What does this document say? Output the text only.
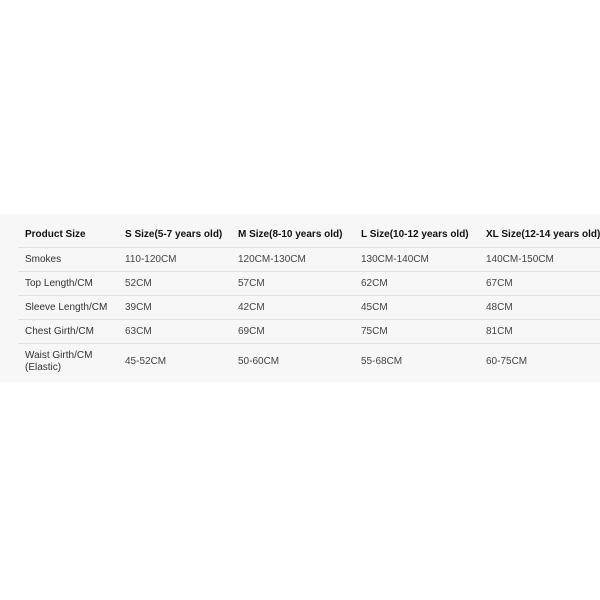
Product Size	S Size(5-7 years old)	M Size(8-10 years old)	L Size(10-12 years old)	XL Size(12-14 years old)
Smokes	110-120CM	120CM-130CM	130CM-140CM	140CM-150CM
Top Length/CM	52CM	57CM	62CM	67CM
Sleeve Length/CM	39CM	42CM	45CM	48CM
Chest Girth/CM	63CM	69CM	75CM	81CM
Waist Girth/CM (Elastic)	45-52CM	50-60CM	55-68CM	60-75CM
